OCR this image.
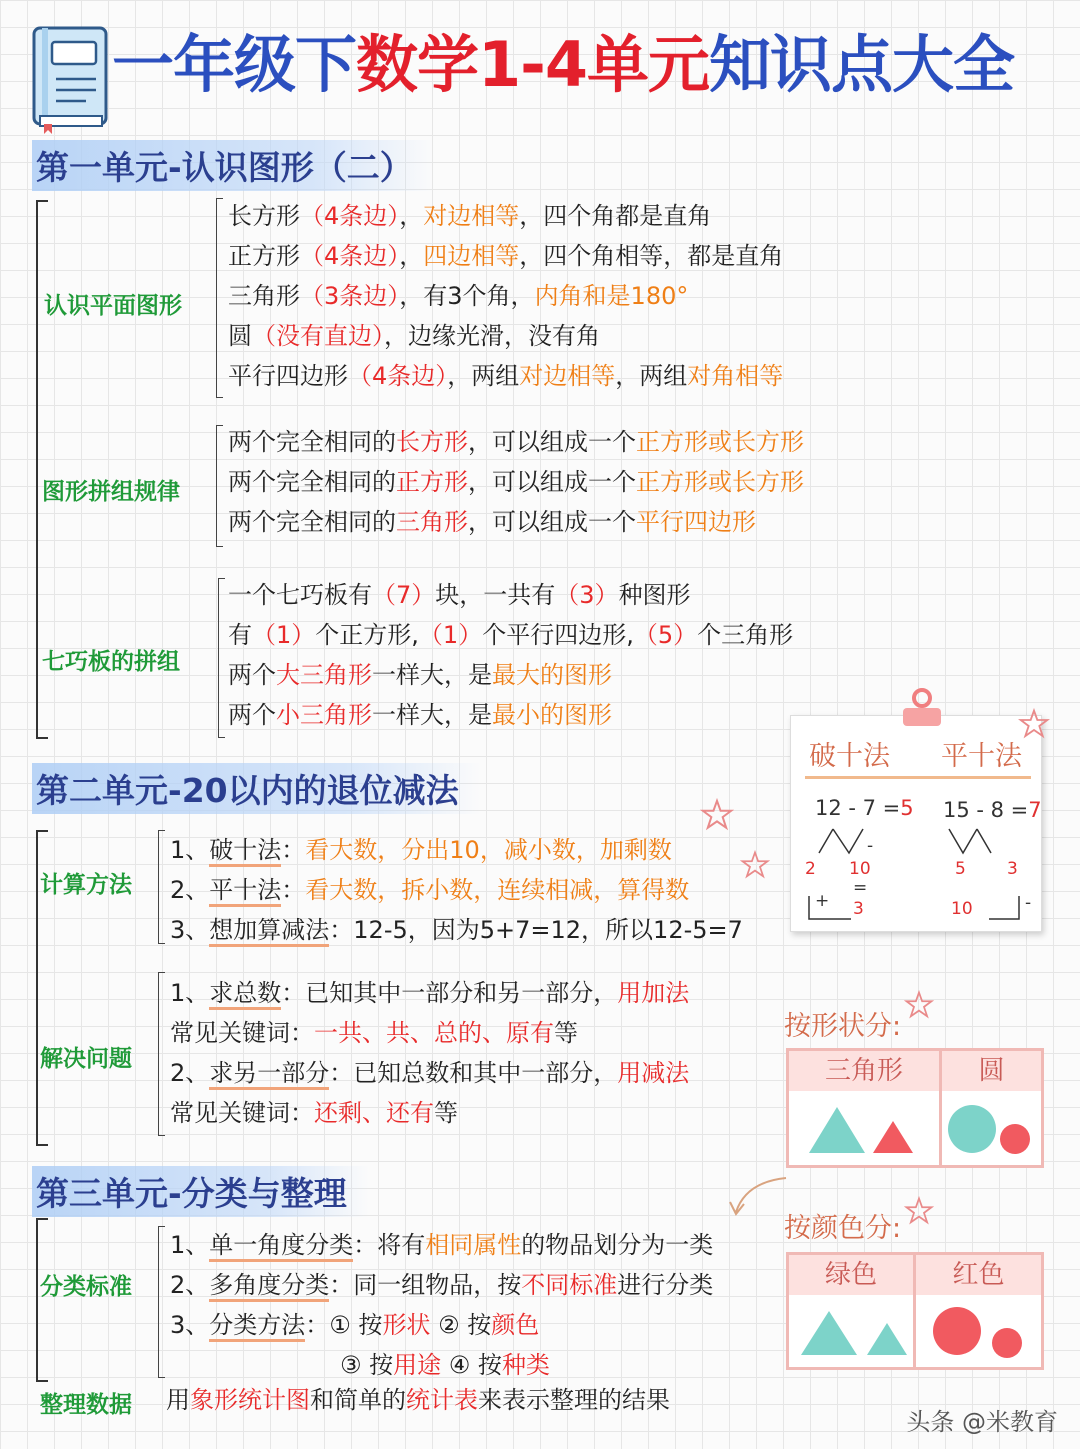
一年级下数学1-4单元知识点大全
第一单元-认识图形（二）
认识平面图形
长方形（4条边），对边相等，四个角都是直角
正方形（4条边），四边相等，四个角相等，都是直角
三角形（3条边），有3个角，内角和是180°
圆（没有直边），边缘光滑，没有角
平行四边形（4条边），两组对边相等，两组对角相等
图形拼组规律
两个完全相同的长方形，可以组成一个正方形或长方形
两个完全相同的正方形，可以组成一个正方形或长方形
两个完全相同的三角形，可以组成一个平行四边形
七巧板的拼组
一个七巧板有（7）块，一共有（3）种图形
有（1）个正方形,（1）个平行四边形,（5）个三角形
两个大三角形一样大，是最大的图形
两个小三角形一样大，是最小的图形
第二单元-20以内的退位减法
计算方法
1、破十法：看大数，分出10，减小数，加剩数
2、平十法：看大数，拆小数，连续相减，算得数
3、想加算减法：12-5，因为5+7=12，所以12-5=7
解决问题
1、求总数：已知其中一部分和另一部分，用加法
常见关键词：一共、共、总的、原有等
2、求另一部分：已知总数和其中一部分，用减法
常见关键词：还剩、还有等
第三单元-分类与整理
分类标准
1、单一角度分类：将有相同属性的物品划分为一类
2、多角度分类：同一组物品，按不同标准进行分类
3、分类方法：① 按形状 ② 按颜色
③ 按用途 ④ 按种类
整理数据 用象形统计图和简单的统计表来表示整理的结果
破十法 平十法
12 - 7 =5 15 - 8 =7
2 10
=
3
+
5 3
10	-
-
按形状分:
三角形	圆
按颜色分:
绿色	红色
头条 @米教育
